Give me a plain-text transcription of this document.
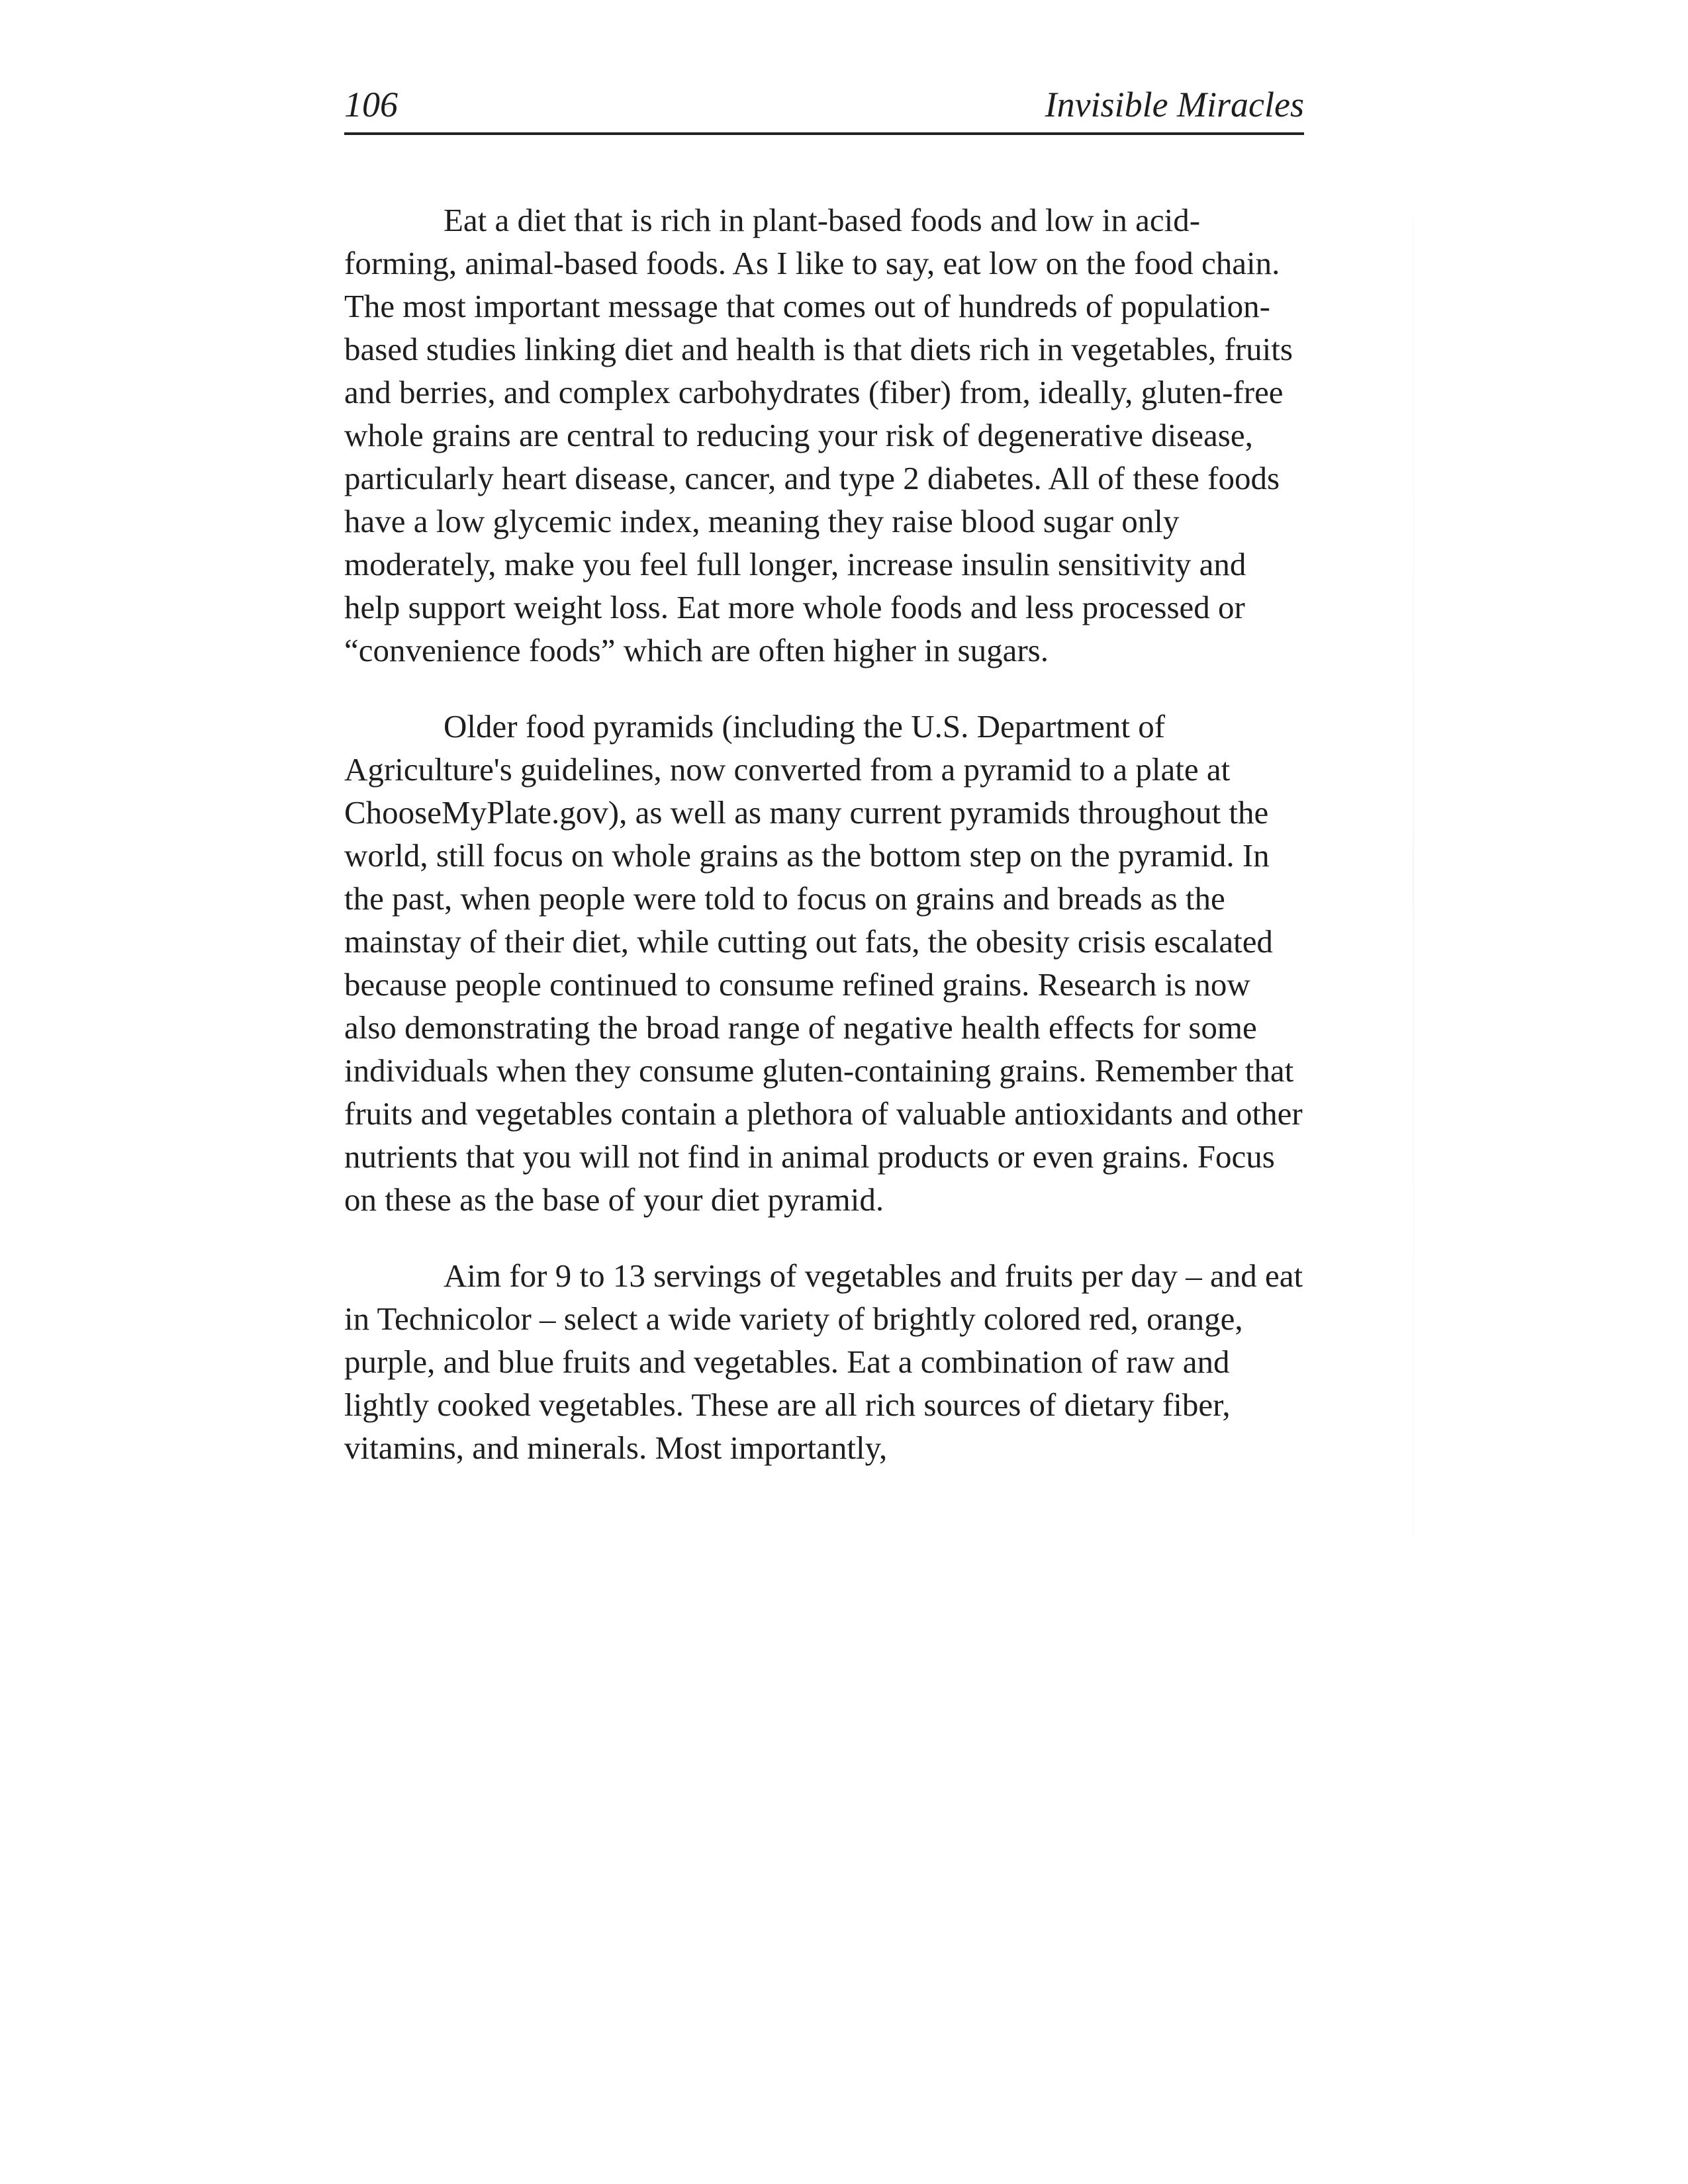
106	Invisible Miracles

Eat a diet that is rich in plant-based foods and low in acid-forming, animal-based foods. As I like to say, eat low on the food chain. The most important message that comes out of hundreds of population-based studies linking diet and health is that diets rich in vegetables, fruits and berries, and complex carbohydrates (fiber) from, ideally, gluten-free whole grains are central to reducing your risk of degenerative disease, particularly heart disease, cancer, and type 2 diabetes. All of these foods have a low glycemic index, meaning they raise blood sugar only moderately, make you feel full longer, increase insulin sensitivity and help support weight loss. Eat more whole foods and less processed or “convenience foods” which are often higher in sugars.

Older food pyramids (including the U.S. Department of Agriculture's guidelines, now converted from a pyramid to a plate at ChooseMyPlate.gov), as well as many current pyramids throughout the world, still focus on whole grains as the bottom step on the pyramid. In the past, when people were told to focus on grains and breads as the mainstay of their diet, while cutting out fats, the obesity crisis escalated because people continued to consume refined grains. Research is now also demonstrating the broad range of negative health effects for some individuals when they consume gluten-containing grains. Remember that fruits and vegetables contain a plethora of valuable antioxidants and other nutrients that you will not find in animal products or even grains. Focus on these as the base of your diet pyramid.

Aim for 9 to 13 servings of vegetables and fruits per day – and eat in Technicolor – select a wide variety of brightly colored red, orange, purple, and blue fruits and vegetables. Eat a combination of raw and lightly cooked vegetables. These are all rich sources of dietary fiber, vitamins, and minerals. Most importantly,
